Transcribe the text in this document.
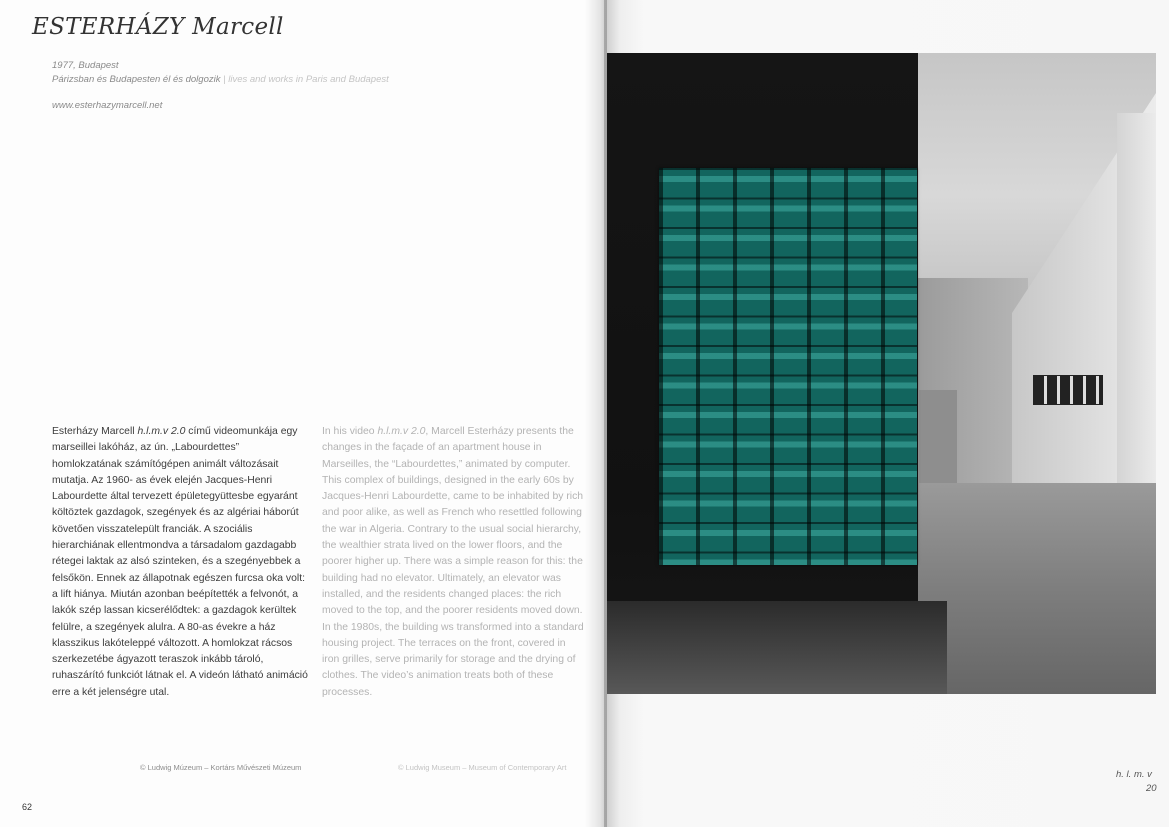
ESTERHÁZY Marcell
1977, Budapest
Párizsban és Budapesten él és dolgozik | lives and works in Paris and Budapest
www.esterhazymarcell.net

Esterházy Marcell h.l.m.v 2.0 című videomunkája egy marseillei lakóház, az ún. „Labourdettes” homlokzatának számítógépen animált változásait mutatja. Az 1960- as évek elején Jacques-Henri Labourdette által tervezett épületegyüttesbe egyaránt költöztek gazdagok, szegények és az algériai háborút követően visszatelepült franciák. A szociális hierarchiának ellentmondva a társadalom gazdagabb rétegei laktak az alsó szinteken, és a szegényebbek a felsőkön. Ennek az állapotnak egészen furcsa oka volt: a lift hiánya. Miután azonban beépítették a felvonót, a lakók szép lassan kicserélődtek: a gazdagok kerültek felülre, a szegények alulra. A 80-as évekre a ház klasszikus lakóteleppé változott. A homlokzat rácsos szerkezetébe ágyazott teraszok inkább tároló, ruhaszárító funkciót látnak el. A videón látható animáció erre a két jelenségre utal.

In his video h.l.m.v 2.0, Marcell Esterházy presents the changes in the façade of an apartment house in Marseilles, the “Labourdettes,” animated by computer. This complex of buildings, designed in the early 60s by Jacques-Henri Labourdette, came to be inhabited by rich and poor alike, as well as French who resettled following the war in Algeria. Contrary to the usual social hierarchy, the wealthier strata lived on the lower floors, and the poorer higher up. There was a simple reason for this: the building had no elevator. Ultimately, an elevator was installed, and the residents changed places: the rich moved to the top, and the poorer residents moved down. In the 1980s, the building ws transformed into a standard housing project. The terraces on the front, covered in iron grilles, serve primarily for storage and the drying of clothes. The video’s animation treats both of these processes.

© Ludwig Múzeum – Kortárs Művészeti Múzeum	© Ludwig Museum – Museum of Contemporary Art
62
h. l. m. v
20
